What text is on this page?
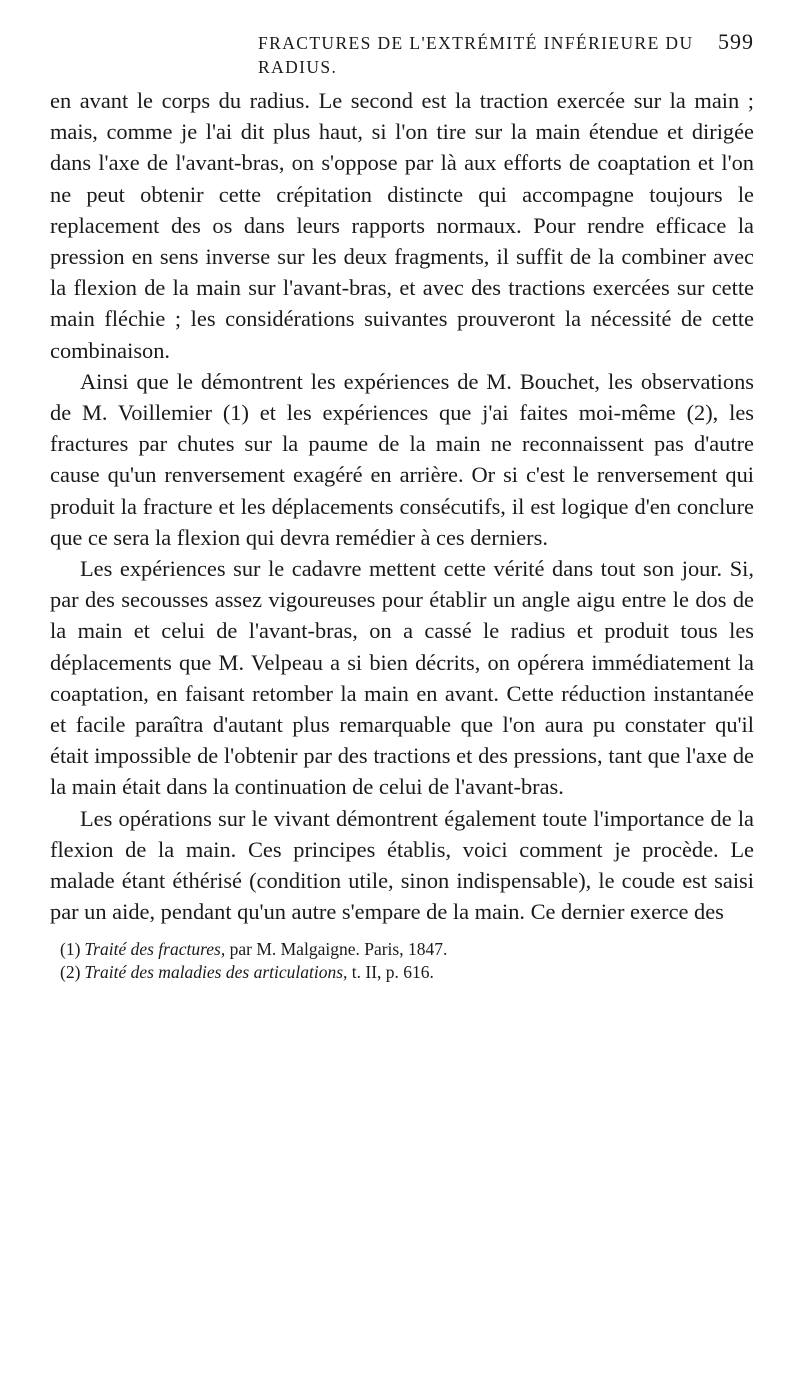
FRACTURES DE L'EXTRÉMITÉ INFÉRIEURE DU RADIUS.
599

en avant le corps du radius. Le second est la traction exercée sur la main ; mais, comme je l'ai dit plus haut, si l'on tire sur la main étendue et dirigée dans l'axe de l'avant-bras, on s'oppose par là aux efforts de coaptation et l'on ne peut obtenir cette crépitation distincte qui accompagne toujours le replacement des os dans leurs rapports normaux. Pour rendre efficace la pression en sens inverse sur les deux fragments, il suffit de la combiner avec la flexion de la main sur l'avant-bras, et avec des tractions exercées sur cette main fléchie ; les considérations suivantes prouveront la nécessité de cette combinaison.

Ainsi que le démontrent les expériences de M. Bouchet, les observations de M. Voillemier (1) et les expériences que j'ai faites moi-même (2), les fractures par chutes sur la paume de la main ne reconnaissent pas d'autre cause qu'un renversement exagéré en arrière. Or si c'est le renversement qui produit la fracture et les déplacements consécutifs, il est logique d'en conclure que ce sera la flexion qui devra remédier à ces derniers.

Les expériences sur le cadavre mettent cette vérité dans tout son jour. Si, par des secousses assez vigoureuses pour établir un angle aigu entre le dos de la main et celui de l'avant-bras, on a cassé le radius et produit tous les déplacements que M. Velpeau a si bien décrits, on opérera immédiatement la coaptation, en faisant retomber la main en avant. Cette réduction instantanée et facile paraîtra d'autant plus remarquable que l'on aura pu constater qu'il était impossible de l'obtenir par des tractions et des pressions, tant que l'axe de la main était dans la continuation de celui de l'avant-bras.

Les opérations sur le vivant démontrent également toute l'importance de la flexion de la main. Ces principes établis, voici comment je procède. Le malade étant éthérisé (condition utile, sinon indispensable), le coude est saisi par un aide, pendant qu'un autre s'empare de la main. Ce dernier exerce des

(1) Traité des fractures, par M. Malgaigne. Paris, 1847.

(2) Traité des maladies des articulations, t. II, p. 616.
